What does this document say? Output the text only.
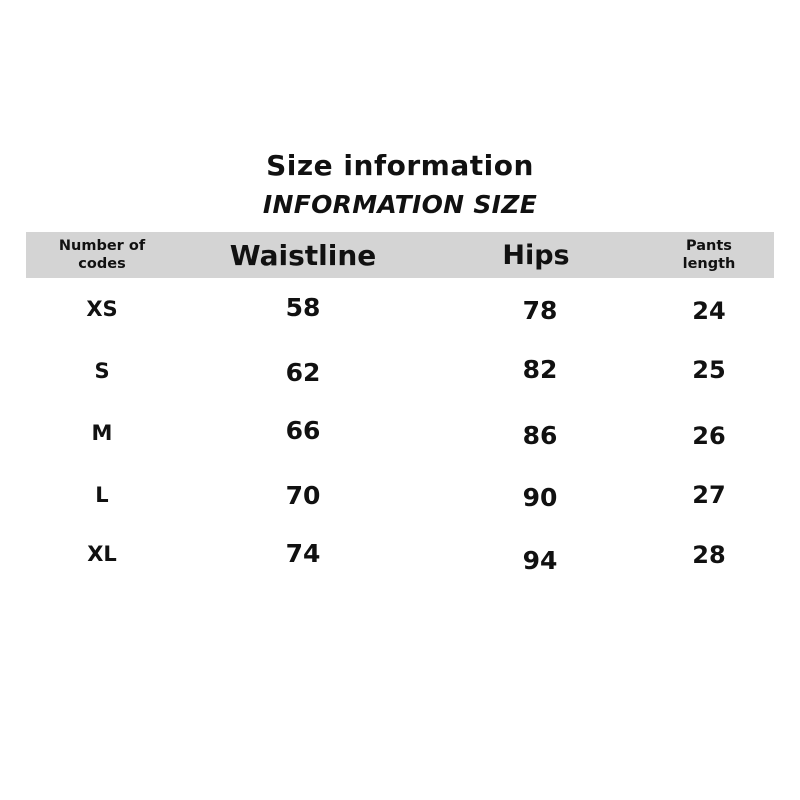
Size information
INFORMATION SIZE
Number of
codes	Waistline	Hips	Pants
length

XS	58	78	24
S	62	82	25
M	66	86	26
L	70	90	27
XL	74	94	28
